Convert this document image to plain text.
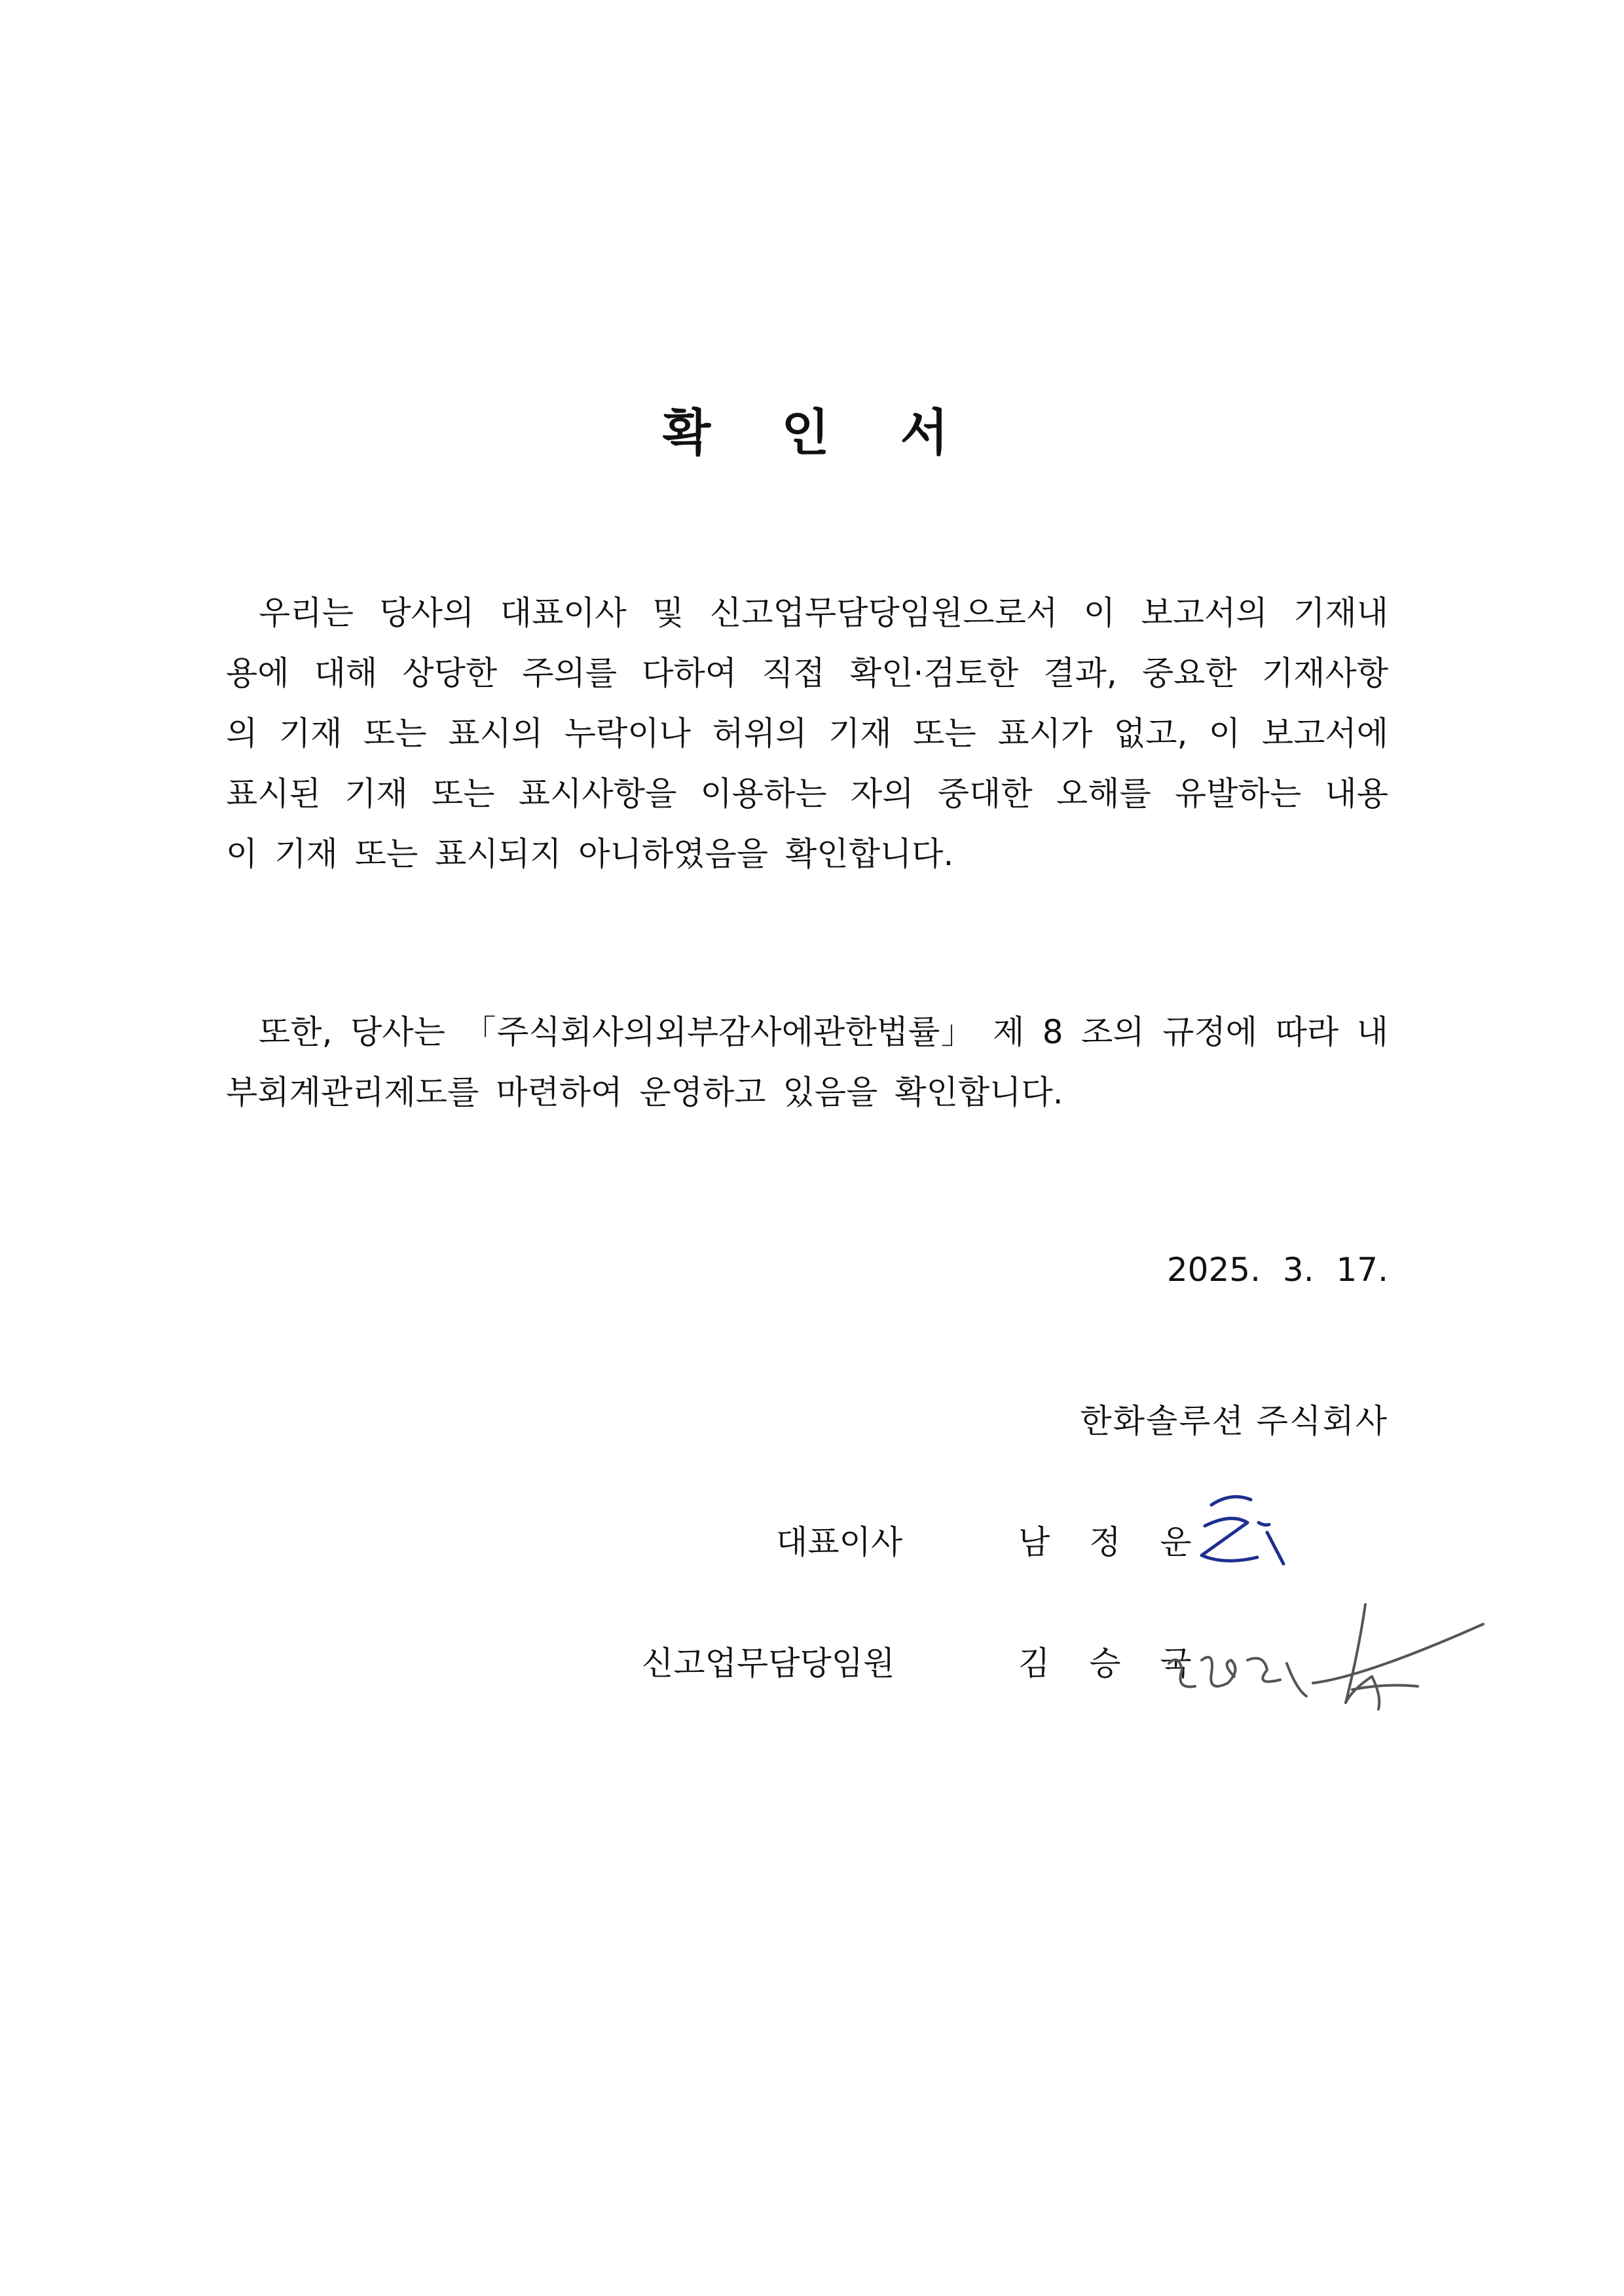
확 인 서
우리는 당사의 대표이사 및 신고업무담당임원으로서 이 보고서의 기재내
용에 대해 상당한 주의를 다하여 직접 확인·검토한 결과, 중요한 기재사항
의 기재 또는 표시의 누락이나 허위의 기재 또는 표시가 없고, 이 보고서에
표시된 기재 또는 표시사항을 이용하는 자의 중대한 오해를 유발하는 내용
이 기재 또는 표시되지 아니하였음을 확인합니다.
또한, 당사는 「주식회사의외부감사에관한법률」 제 8 조의 규정에 따라 내
부회계관리제도를 마련하여 운영하고 있음을 확인합니다.
2025. 3. 17.
한화솔루션 주식회사
대표이사	남 정 운
신고업무담당임원	김 승 국
